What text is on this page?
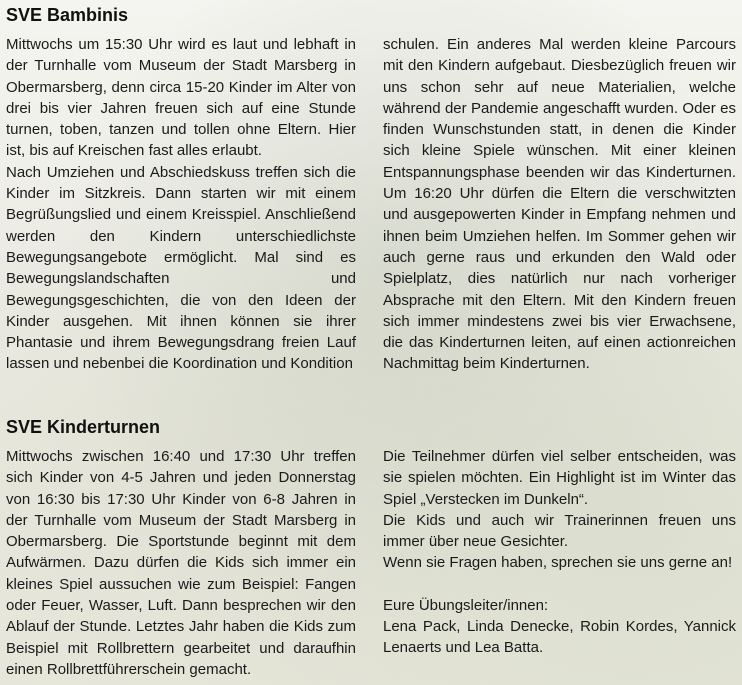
SVE Bambinis

Mittwochs um 15:30 Uhr wird es laut und lebhaft in der Turnhalle vom Museum der Stadt Marsberg in Obermarsberg, denn circa 15-20 Kinder im Alter von drei bis vier Jahren freuen sich auf eine Stunde turnen, toben, tanzen und tollen ohne Eltern. Hier ist, bis auf Kreischen fast alles erlaubt.

Nach Umziehen und Abschiedskuss treffen sich die Kinder im Sitzkreis. Dann starten wir mit einem Begrüßungslied und einem Kreisspiel. Anschließend werden den Kindern unterschiedlichste Bewegungsangebote ermöglicht. Mal sind es Bewegungslandschaften und Bewegungsgeschichten, die von den Ideen der Kinder ausgehen. Mit ihnen können sie ihrer Phantasie und ihrem Bewegungsdrang freien Lauf lassen und nebenbei die Koordination und Kondition

schulen. Ein anderes Mal werden kleine Parcours mit den Kindern aufgebaut. Diesbezüglich freuen wir uns schon sehr auf neue Materialien, welche während der Pandemie angeschafft wurden. Oder es finden Wunschstunden statt, in denen die Kinder sich kleine Spiele wünschen. Mit einer kleinen Entspannungsphase beenden wir das Kinderturnen. Um 16:20 Uhr dürfen die Eltern die verschwitzten und ausgepowerten Kinder in Empfang nehmen und ihnen beim Umziehen helfen. Im Sommer gehen wir auch gerne raus und erkunden den Wald oder Spielplatz, dies natürlich nur nach vorheriger Absprache mit den Eltern. Mit den Kindern freuen sich immer mindestens zwei bis vier Erwachsene, die das Kinderturnen leiten, auf einen actionreichen Nachmittag beim Kinderturnen.

SVE Kinderturnen

Mittwochs zwischen 16:40 und 17:30 Uhr treffen sich Kinder von 4-5 Jahren und jeden Donnerstag von 16:30 bis 17:30 Uhr Kinder von 6-8 Jahren in der Turnhalle vom Museum der Stadt Marsberg in Obermarsberg. Die Sportstunde beginnt mit dem Aufwärmen. Dazu dürfen die Kids sich immer ein kleines Spiel aussuchen wie zum Beispiel: Fangen oder Feuer, Wasser, Luft. Dann besprechen wir den Ablauf der Stunde. Letztes Jahr haben die Kids zum Beispiel mit Rollbrettern gearbeitet und daraufhin einen Rollbrettführerschein gemacht.

Die Teilnehmer dürfen viel selber entscheiden, was sie spielen möchten. Ein Highlight ist im Winter das Spiel „Verstecken im Dunkeln“.

Die Kids und auch wir Trainerinnen freuen uns immer über neue Gesichter.

Wenn sie Fragen haben, sprechen sie uns gerne an!

Eure Übungsleiter/innen:

Lena Pack, Linda Denecke, Robin Kordes, Yannick Lenaerts und Lea Batta.
